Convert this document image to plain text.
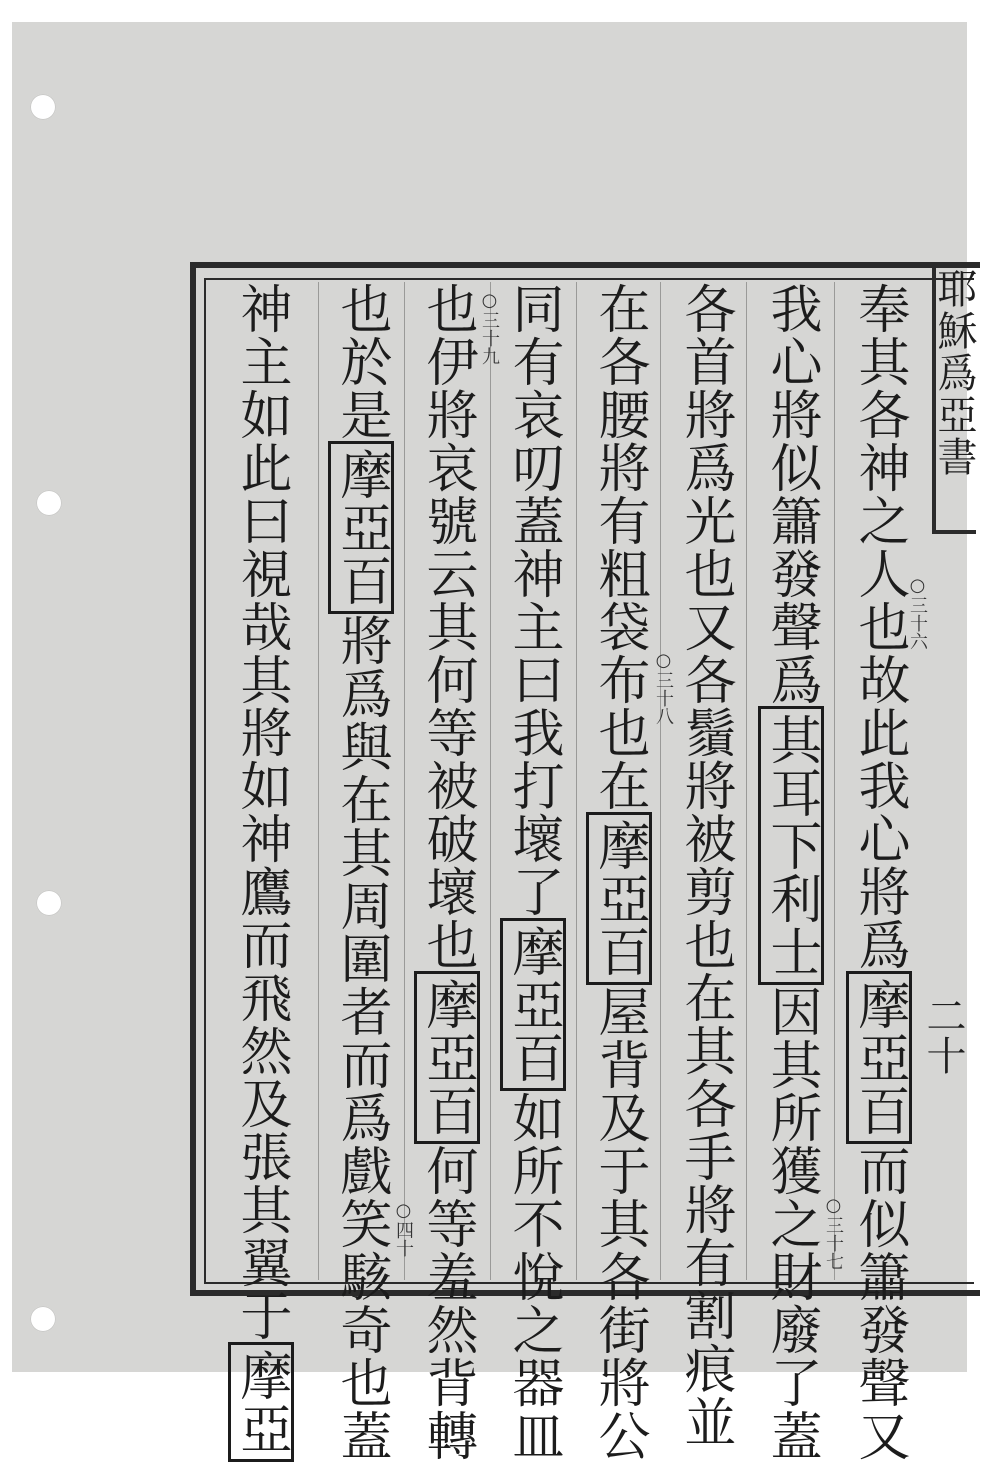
耶穌爲亞書
二十
奉其各神之人也故此我心將爲摩亞百而似簫發聲又
我心將似簫發聲爲其耳下利士因其所獲之財廢了蓋
各首將爲光也又各鬚將被剪也在其各手將有割痕並
在各腰將有粗袋布也在摩亞百屋背及于其各街將公
同有哀叨蓋神主曰我打壞了摩亞百如所不悅之器皿
也伊將哀號云其何等被破壞也摩亞百何等羞然背轉
也於是摩亞百將爲與在其周圍者而爲戲笑駭奇也蓋
神主如此曰視哉其將如神鷹而飛然及張其翼于摩亞
○三十六
○三十七
○三十八
○三十九
○四十
